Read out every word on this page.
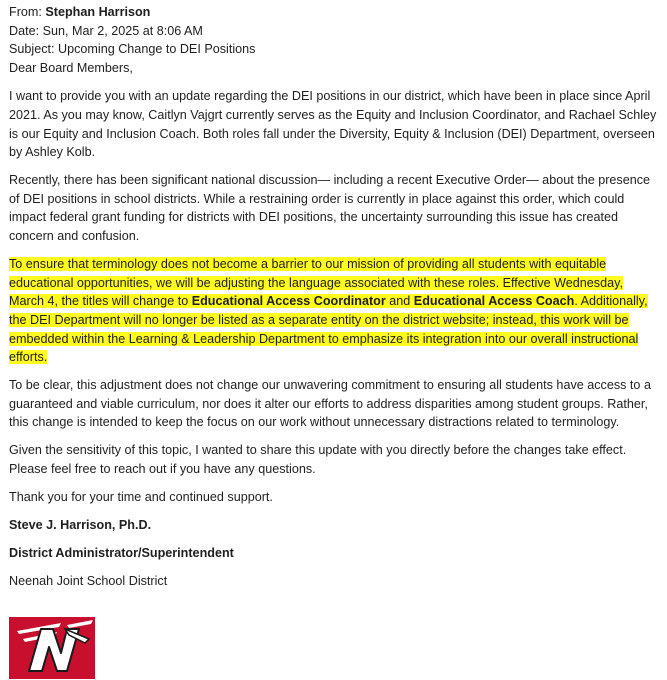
From: Stephan Harrison
Date: Sun, Mar 2, 2025 at 8:06 AM
Subject: Upcoming Change to DEI Positions
Dear Board Members,

I want to provide you with an update regarding the DEI positions in our district, which have been in place since April 2021. As you may know, Caitlyn Vajgrt currently serves as the Equity and Inclusion Coordinator, and Rachael Schley is our Equity and Inclusion Coach. Both roles fall under the Diversity, Equity & Inclusion (DEI) Department, overseen by Ashley Kolb.

Recently, there has been significant national discussion— including a recent Executive Order— about the presence of DEI positions in school districts. While a restraining order is currently in place against this order, which could impact federal grant funding for districts with DEI positions, the uncertainty surrounding this issue has created concern and confusion.

To ensure that terminology does not become a barrier to our mission of providing all students with equitable educational opportunities, we will be adjusting the language associated with these roles. Effective Wednesday, March 4, the titles will change to Educational Access Coordinator and Educational Access Coach. Additionally, the DEI Department will no longer be listed as a separate entity on the district website; instead, this work will be embedded within the Learning & Leadership Department to emphasize its integration into our overall instructional efforts.

To be clear, this adjustment does not change our unwavering commitment to ensuring all students have access to a guaranteed and viable curriculum, nor does it alter our efforts to address disparities among student groups. Rather, this change is intended to keep the focus on our work without unnecessary distractions related to terminology.

Given the sensitivity of this topic, I wanted to share this update with you directly before the changes take effect. Please feel free to reach out if you have any questions.

Thank you for your time and continued support.

Steve J. Harrison, Ph.D.

District Administrator/Superintendent

Neenah Joint School District
